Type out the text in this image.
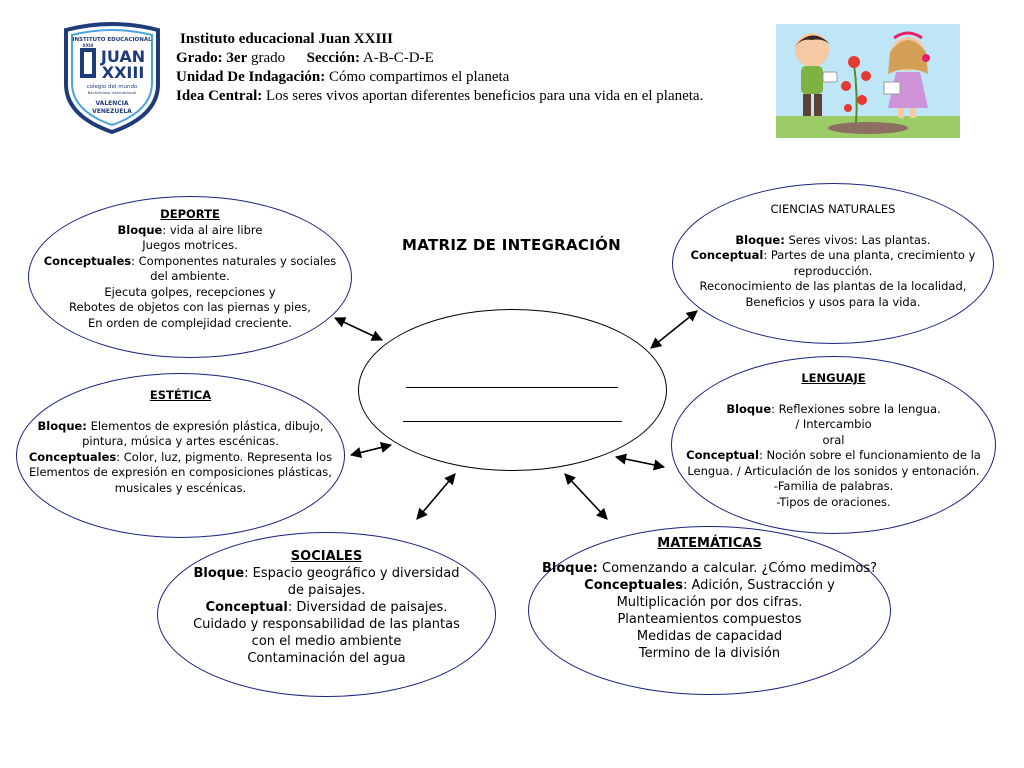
Instituto educacional Juan XXIII
Grado: 3er grado Sección: A-B-C-D-E
Unidad De Indagación: Cómo compartimos el planeta
Idea Central: Los seres vivos aportan diferentes beneficios para una vida en el planeta.
INSTITUTO EDUCACIONAL
XXIII
JUAN
XXIII
colegio del mundo
Bachillerato Internacional
VALENCIA
VENEZUELA
MATRIZ DE INTEGRACIÓN
DEPORTE
Bloque: vida al aire libre
Juegos motrices.
Conceptuales: Componentes naturales y sociales
del ambiente.
Ejecuta golpes, recepciones y
Rebotes de objetos con las piernas y pies,
En orden de complejidad creciente.
ESTÉTICA
Bloque: Elementos de expresión plástica, dibujo,
pintura, música y artes escénicas.
Conceptuales: Color, luz, pigmento. Representa los
Elementos de expresión en composiciones plásticas,
musicales y escénicas.
SOCIALES
Bloque: Espacio geográfico y diversidad
de paisajes.
Conceptual: Diversidad de paisajes.
Cuidado y responsabilidad de las plantas
con el medio ambiente
Contaminación del agua
CIENCIAS NATURALES
Bloque: Seres vivos: Las plantas.
Conceptual: Partes de una planta, crecimiento y
reproducción.
Reconocimiento de las plantas de la localidad,
Beneficios y usos para la vida.
LENGUAJE
Bloque: Reflexiones sobre la lengua.
/ Intercambio
oral
Conceptual: Noción sobre el funcionamiento de la
Lengua. / Articulación de los sonidos y entonación.
-Familia de palabras.
-Tipos de oraciones.
MATEMÁTICAS
Bloque: Comenzando a calcular. ¿Cómo medimos?
Conceptuales: Adición, Sustracción y
Multiplicación por dos cifras.
Planteamientos compuestos
Medidas de capacidad
Termino de la división
